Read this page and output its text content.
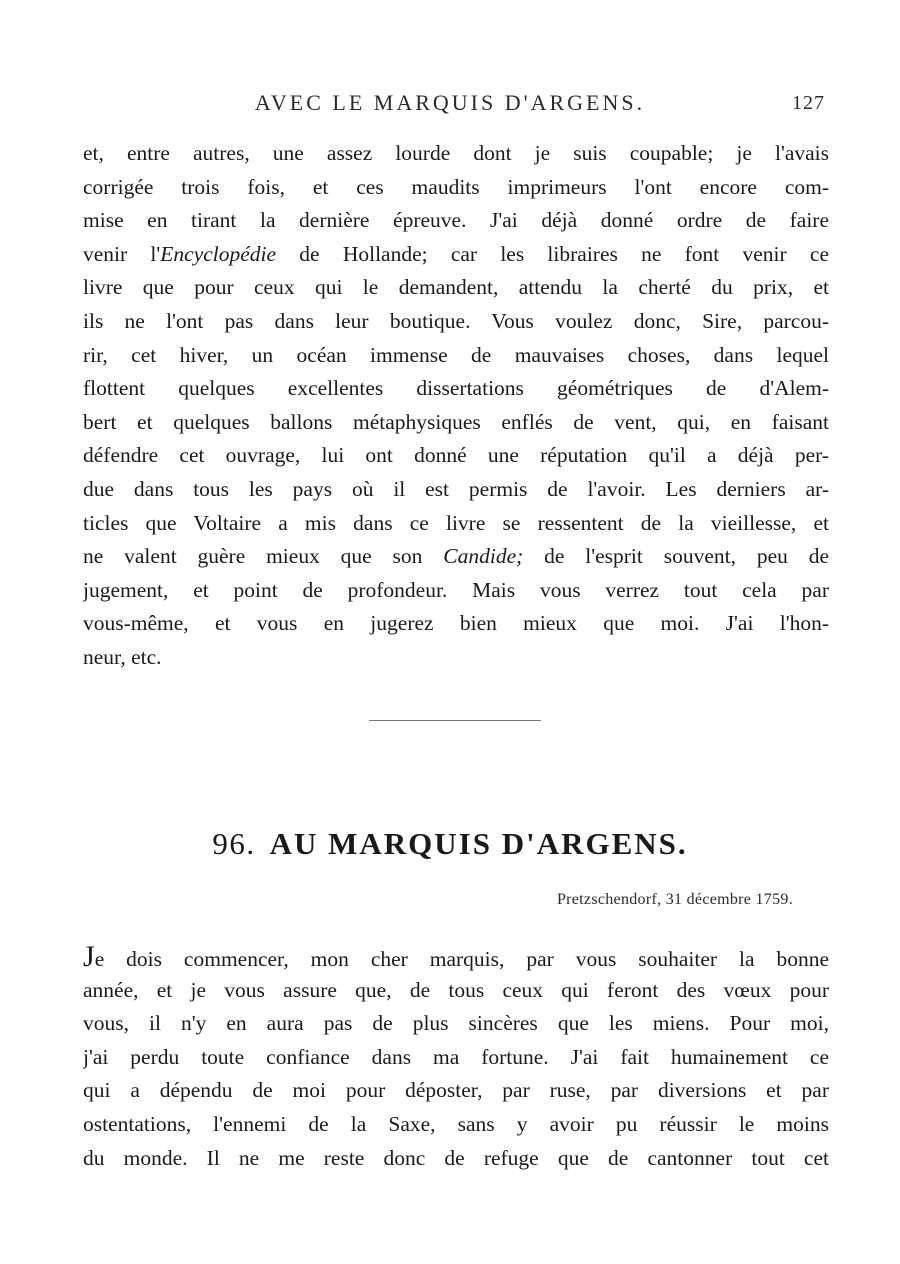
AVEC LE MARQUIS D'ARGENS.	127
et, entre autres, une assez lourde dont je suis coupable; je l'avais
corrigée trois fois, et ces maudits imprimeurs l'ont encore com-
mise en tirant la dernière épreuve. J'ai déjà donné ordre de faire
venir l'Encyclopédie de Hollande; car les libraires ne font venir ce
livre que pour ceux qui le demandent, attendu la cherté du prix, et
ils ne l'ont pas dans leur boutique. Vous voulez donc, Sire, parcou-
rir, cet hiver, un océan immense de mauvaises choses, dans lequel
flottent quelques excellentes dissertations géométriques de d'Alem-
bert et quelques ballons métaphysiques enflés de vent, qui, en faisant
défendre cet ouvrage, lui ont donné une réputation qu'il a déjà per-
due dans tous les pays où il est permis de l'avoir. Les derniers ar-
ticles que Voltaire a mis dans ce livre se ressentent de la vieillesse, et
ne valent guère mieux que son Candide; de l'esprit souvent, peu de
jugement, et point de profondeur. Mais vous verrez tout cela par
vous-même, et vous en jugerez bien mieux que moi. J'ai l'hon-
neur, etc.
96. AU MARQUIS D'ARGENS.
Pretzschendorf, 31 décembre 1759.
Je dois commencer, mon cher marquis, par vous souhaiter la bonne
année, et je vous assure que, de tous ceux qui feront des vœux pour
vous, il n'y en aura pas de plus sincères que les miens. Pour moi,
j'ai perdu toute confiance dans ma fortune. J'ai fait humainement ce
qui a dépendu de moi pour déposter, par ruse, par diversions et par
ostentations, l'ennemi de la Saxe, sans y avoir pu réussir le moins
du monde. Il ne me reste donc de refuge que de cantonner tout cet
